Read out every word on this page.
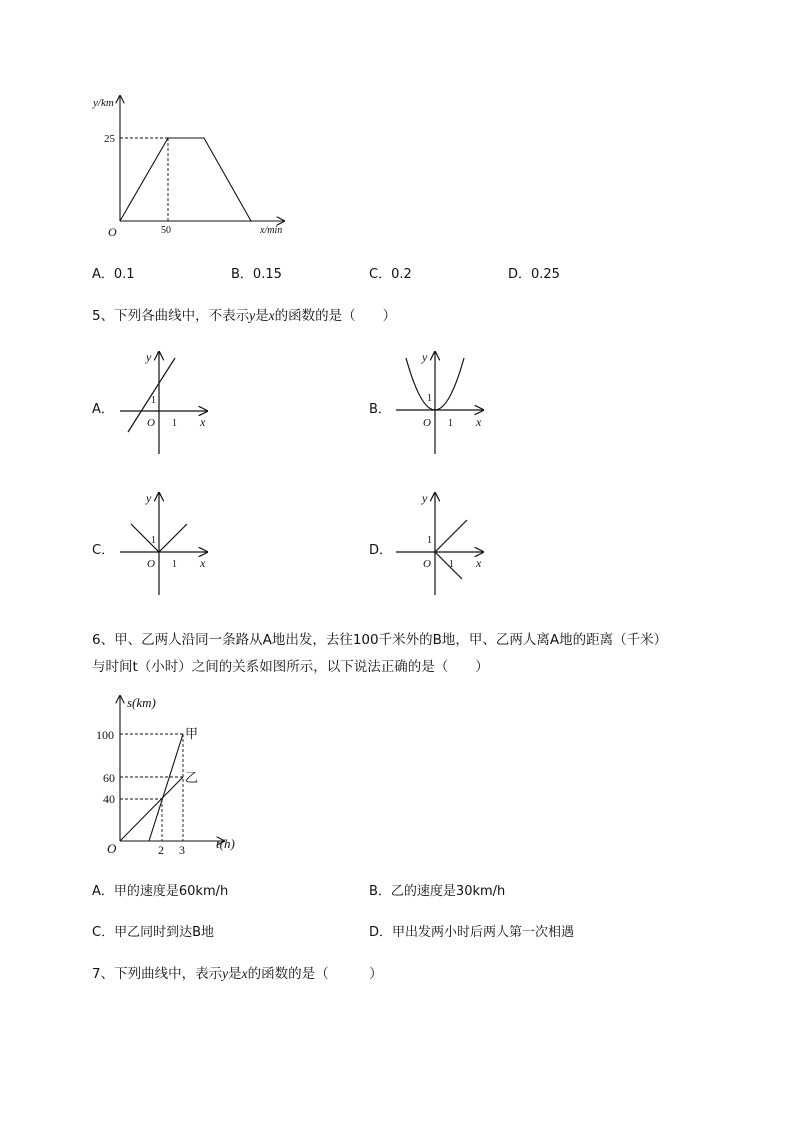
y/km
25
O	50	x/min
A．0.1	B．0.15	C．0.2	D．0.25
5、下列各曲线中，不表示y是x的函数的是（　　）
A．
y
1
O 1 x
B．
y
1
O 1 x
C．
y
1
O 1 x
D．
y
1
O 1 x
6、甲、乙两人沿同一条路从A地出发，去往100千米外的B地，甲、乙两人离A地的距离（千米）
与时间t（小时）之间的关系如图所示，以下说法正确的是（　　）
s(km)
100
60
40
O	2 3 t(h)
甲
乙
A．甲的速度是60km/h	B．乙的速度是30km/h
C．甲乙同时到达B地	D．甲出发两小时后两人第一次相遇
7、下列曲线中，表示y是x的函数的是（　　　）
